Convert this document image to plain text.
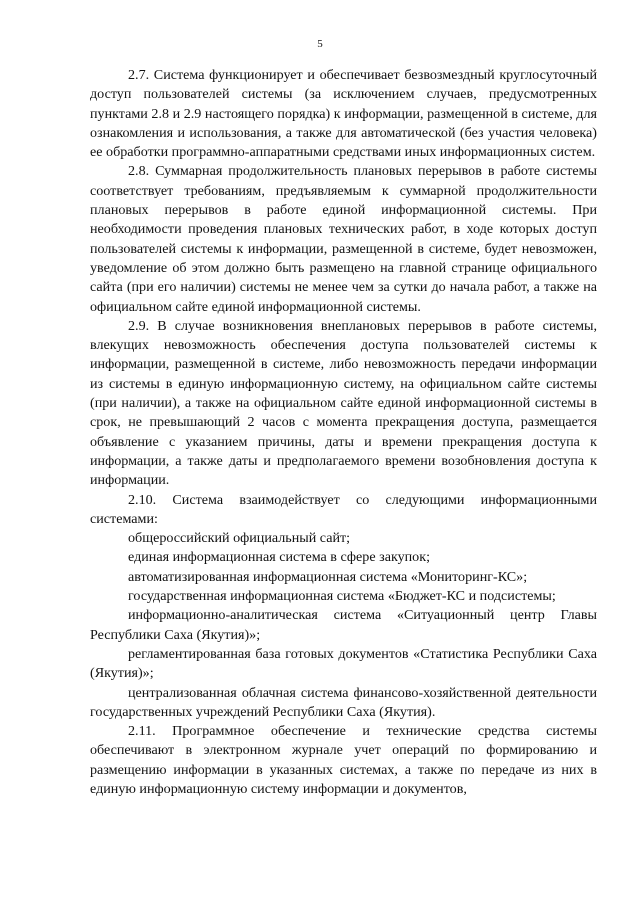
5

2.7. Система функционирует и обеспечивает безвозмездный круглосуточный доступ пользователей системы (за исключением случаев, предусмотренных пунктами 2.8 и 2.9 настоящего порядка) к информации, размещенной в системе, для ознакомления и использования, а также для автоматической (без участия человека) ее обработки программно-аппаратными средствами иных информационных систем.

2.8. Суммарная продолжительность плановых перерывов в работе системы соответствует требованиям, предъявляемым к суммарной продолжительности плановых перерывов в работе единой информационной системы. При необходимости проведения плановых технических работ, в ходе которых доступ пользователей системы к информации, размещенной в системе, будет невозможен, уведомление об этом должно быть размещено на главной странице официального сайта (при его наличии) системы не менее чем за сутки до начала работ, а также на официальном сайте единой информационной системы.

2.9. В случае возникновения внеплановых перерывов в работе системы, влекущих невозможность обеспечения доступа пользователей системы к информации, размещенной в системе, либо невозможность передачи информации из системы в единую информационную систему, на официальном сайте системы (при наличии), а также на официальном сайте единой информационной системы в срок, не превышающий 2 часов с момента прекращения доступа, размещается объявление с указанием причины, даты и времени прекращения доступа к информации, а также даты и предполагаемого времени возобновления доступа к информации.

2.10. Система взаимодействует со следующими информационными системами:

общероссийский официальный сайт;

единая информационная система в сфере закупок;

автоматизированная информационная система «Мониторинг-КС»;

государственная информационная система «Бюджет-КС и подсистемы;

информационно-аналитическая система «Ситуационный центр Главы Республики Саха (Якутия)»;

регламентированная база готовых документов «Статистика Республики Саха (Якутия)»;

централизованная облачная система финансово-хозяйственной деятельности государственных учреждений Республики Саха (Якутия).

2.11. Программное обеспечение и технические средства системы обеспечивают в электронном журнале учет операций по формированию и размещению информации в указанных системах, а также по передаче из них в единую информационную систему информации и документов,
